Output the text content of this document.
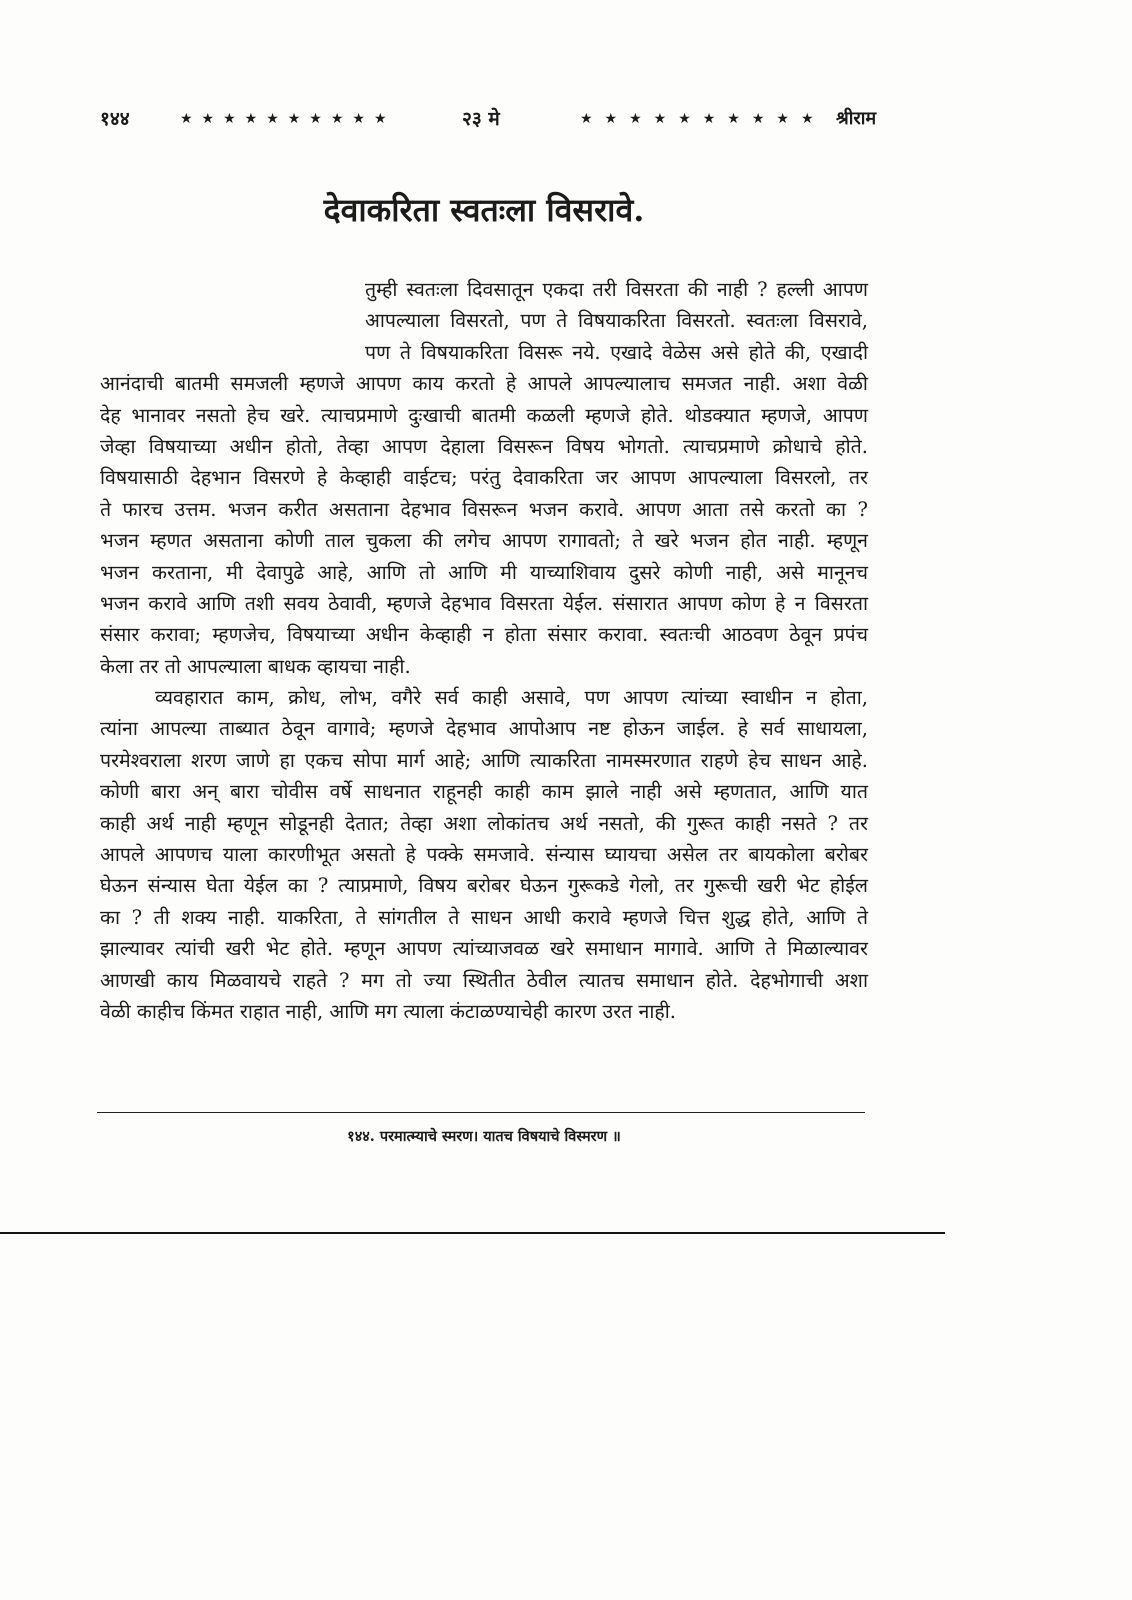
१४४	★★★★★★★★★★	२३ मे	★★★★★★★★★★ श्रीराम
देवाकरिता स्वतःला विसरावे.
तुम्ही स्वतःला दिवसातून एकदा तरी विसरता की नाही ? हल्ली आपण
आपल्याला विसरतो, पण ते विषयाकरिता विसरतो. स्वतःला विसरावे,
पण ते विषयाकरिता विसरू नये. एखादे वेळेस असे होते की, एखादी
आनंदाची बातमी समजली म्हणजे आपण काय करतो हे आपले आपल्यालाच समजत नाही. अशा वेळी
देह भानावर नसतो हेच खरे. त्याचप्रमाणे दुःखाची बातमी कळली म्हणजे होते. थोडक्यात म्हणजे, आपण
जेव्हा विषयाच्या अधीन होतो, तेव्हा आपण देहाला विसरून विषय भोगतो. त्याचप्रमाणे क्रोधाचे होते.
विषयासाठी देहभान विसरणे हे केव्हाही वाईटच; परंतु देवाकरिता जर आपण आपल्याला विसरलो, तर
ते फारच उत्तम. भजन करीत असताना देहभाव विसरून भजन करावे. आपण आता तसे करतो का ?
भजन म्हणत असताना कोणी ताल चुकला की लगेच आपण रागावतो; ते खरे भजन होत नाही. म्हणून
भजन करताना, मी देवापुढे आहे, आणि तो आणि मी याच्याशिवाय दुसरे कोणी नाही, असे मानूनच
भजन करावे आणि तशी सवय ठेवावी, म्हणजे देहभाव विसरता येईल. संसारात आपण कोण हे न विसरता
संसार करावा; म्हणजेच, विषयाच्या अधीन केव्हाही न होता संसार करावा. स्वतःची आठवण ठेवून प्रपंच
केला तर तो आपल्याला बाधक व्हायचा नाही.
व्यवहारात काम, क्रोध, लोभ, वगैरे सर्व काही असावे, पण आपण त्यांच्या स्वाधीन न होता,
त्यांना आपल्या ताब्यात ठेवून वागावे; म्हणजे देहभाव आपोआप नष्ट होऊन जाईल. हे सर्व साधायला,
परमेश्वराला शरण जाणे हा एकच सोपा मार्ग आहे; आणि त्याकरिता नामस्मरणात राहणे हेच साधन आहे.
कोणी बारा अन् बारा चोवीस वर्षे साधनात राहूनही काही काम झाले नाही असे म्हणतात, आणि यात
काही अर्थ नाही म्हणून सोडूनही देतात; तेव्हा अशा लोकांतच अर्थ नसतो, की गुरूत काही नसते ? तर
आपले आपणच याला कारणीभूत असतो हे पक्के समजावे. संन्यास घ्यायचा असेल तर बायकोला बरोबर
घेऊन संन्यास घेता येईल का ? त्याप्रमाणे, विषय बरोबर घेऊन गुरूकडे गेलो, तर गुरूची खरी भेट होईल
का ? ती शक्य नाही. याकरिता, ते सांगतील ते साधन आधी करावे म्हणजे चित्त शुद्ध होते, आणि ते
झाल्यावर त्यांची खरी भेट होते. म्हणून आपण त्यांच्याजवळ खरे समाधान मागावे. आणि ते मिळाल्यावर
आणखी काय मिळवायचे राहते ? मग तो ज्या स्थितीत ठेवील त्यातच समाधान होते. देहभोगाची अशा
वेळी काहीच किंमत राहात नाही, आणि मग त्याला कंटाळण्याचेही कारण उरत नाही.
१४४. परमात्म्याचे स्मरण। यातच विषयाचे विस्मरण ॥
